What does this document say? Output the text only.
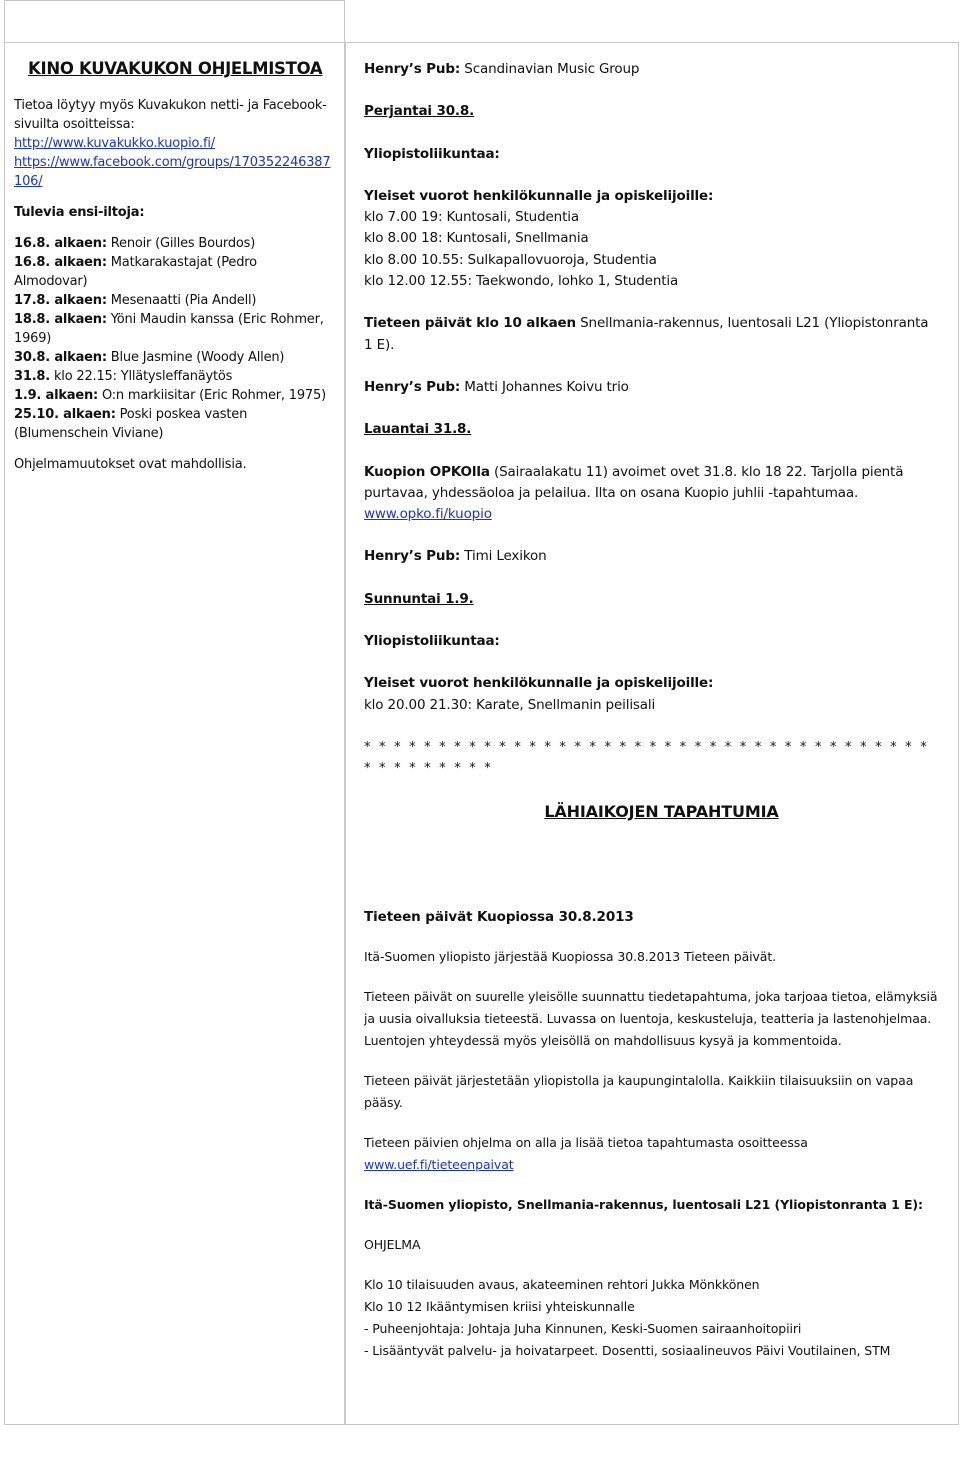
KINO KUVAKUKON OHJELMISTOA

Tietoa löytyy myös Kuvakukon netti- ja Facebook-sivuilta osoitteissa:

http://www.kuvakukko.kuopio.fi/

https://www.facebook.com/groups/170352246387106/

Tulevia ensi-iltoja:

16.8. alkaen: Renoir (Gilles Bourdos)

16.8. alkaen: Matkarakastajat (Pedro Almodovar)

17.8. alkaen: Mesenaatti (Pia Andell)

18.8. alkaen: Yöni Maudin kanssa (Eric Rohmer, 1969)

30.8. alkaen: Blue Jasmine (Woody Allen)

31.8. klo 22.15: Yllätysleffanäytös

1.9. alkaen: O:n markiisitar (Eric Rohmer, 1975)

25.10. alkaen: Poski poskea vasten (Blumenschein Viviane)

Ohjelmamuutokset ovat mahdollisia.

Henry’s Pub: Scandinavian Music Group

Perjantai 30.8.

Yliopistoliikuntaa:

Yleiset vuorot henkilökunnalle ja opiskelijoille:

klo 7.00 19: Kuntosali, Studentia

klo 8.00 18: Kuntosali, Snellmania

klo 8.00 10.55: Sulkapallovuoroja, Studentia

klo 12.00 12.55: Taekwondo, lohko 1, Studentia

Tieteen päivät klo 10 alkaen Snellmania-rakennus, luentosali L21 (Yliopistonranta 1 E).

Henry’s Pub: Matti Johannes Koivu trio

Lauantai 31.8.

Kuopion OPKOlla (Sairaalakatu 11) avoimet ovet 31.8. klo 18 22. Tarjolla pientä purtavaa, yhdessäoloa ja pelailua. Ilta on osana Kuopio juhlii -tapahtumaa.

www.opko.fi/kuopio

Henry’s Pub: Timi Lexikon

Sunnuntai 1.9.

Yliopistoliikuntaa:

Yleiset vuorot henkilökunnalle ja opiskelijoille:

klo 20.00 21.30: Karate, Snellmanin peilisali

* * * * * * * * * * * * * * * * * * * * * * * * * * * * * * * * * * * * * * * * * * * * * * *

LÄHIAIKOJEN TAPAHTUMIA

Tieteen päivät Kuopiossa 30.8.2013

Itä-Suomen yliopisto järjestää Kuopiossa 30.8.2013 Tieteen päivät.

Tieteen päivät on suurelle yleisölle suunnattu tiedetapahtuma, joka tarjoaa tietoa, elämyksiä ja uusia oivalluksia tieteestä. Luvassa on luentoja, keskusteluja, teatteria ja lastenohjelmaa. Luentojen yhteydessä myös yleisöllä on mahdollisuus kysyä ja kommentoida.

Tieteen päivät järjestetään yliopistolla ja kaupungintalolla. Kaikkiin tilaisuuksiin on vapaa pääsy.

Tieteen päivien ohjelma on alla ja lisää tietoa tapahtumasta osoitteessa

www.uef.fi/tieteenpaivat

Itä-Suomen yliopisto, Snellmania-rakennus, luentosali L21 (Yliopistonranta 1 E):

OHJELMA

Klo 10 tilaisuuden avaus, akateeminen rehtori Jukka Mönkkönen

Klo 10 12 Ikääntymisen kriisi yhteiskunnalle

- Puheenjohtaja: Johtaja Juha Kinnunen, Keski-Suomen sairaanhoitopiiri

- Lisääntyvät palvelu- ja hoivatarpeet. Dosentti, sosiaalineuvos Päivi Voutilainen, STM
